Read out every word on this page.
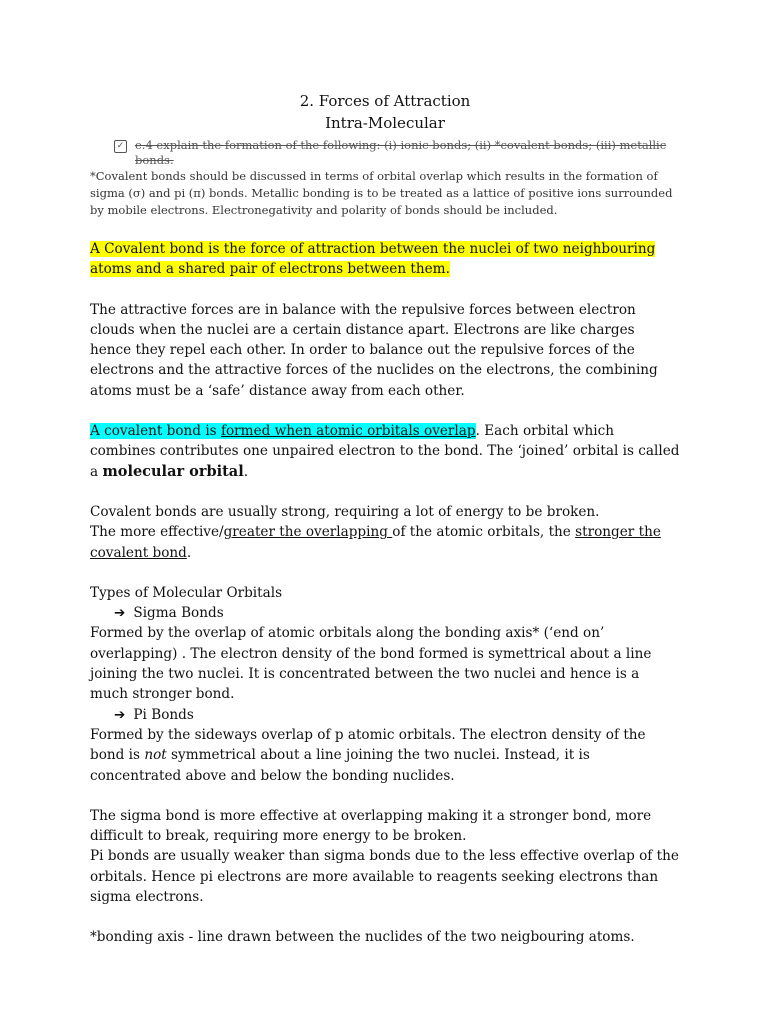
2. Forces of Attraction
Intra-Molecular
✓ e.4 explain the formation of the following: (i) ionic bonds; (ii) *covalent bonds; (iii) metallic bonds.

*Covalent bonds should be discussed in terms of orbital overlap which results in the formation of sigma (σ) and pi (π) bonds. Metallic bonding is to be treated as a lattice of positive ions surrounded by mobile electrons. Electronegativity and polarity of bonds should be included.

A Covalent bond is the force of attraction between the nuclei of two neighbouring atoms and a shared pair of electrons between them.

The attractive forces are in balance with the repulsive forces between electron clouds when the nuclei are a certain distance apart. Electrons are like charges hence they repel each other. In order to balance out the repulsive forces of the electrons and the attractive forces of the nuclides on the electrons, the combining atoms must be a ‘safe’ distance away from each other.

A covalent bond is formed when atomic orbitals overlap. Each orbital which combines contributes one unpaired electron to the bond. The ‘joined’ orbital is called a molecular orbital.

Covalent bonds are usually strong, requiring a lot of energy to be broken.

The more effective/greater the overlapping of the atomic orbitals, the stronger the covalent bond.

Types of Molecular Orbitals

➔ Sigma Bonds

Formed by the overlap of atomic orbitals along the bonding axis* (‘end on’ overlapping) . The electron density of the bond formed is symettrical about a line joining the two nuclei. It is concentrated between the two nuclei and hence is a much stronger bond.

➔ Pi Bonds

Formed by the sideways overlap of p atomic orbitals. The electron density of the bond is not symmetrical about a line joining the two nuclei. Instead, it is concentrated above and below the bonding nuclides.

The sigma bond is more effective at overlapping making it a stronger bond, more difficult to break, requiring more energy to be broken.

Pi bonds are usually weaker than sigma bonds due to the less effective overlap of the orbitals. Hence pi electrons are more available to reagents seeking electrons than sigma electrons.

*bonding axis - line drawn between the nuclides of the two neigbouring atoms.
